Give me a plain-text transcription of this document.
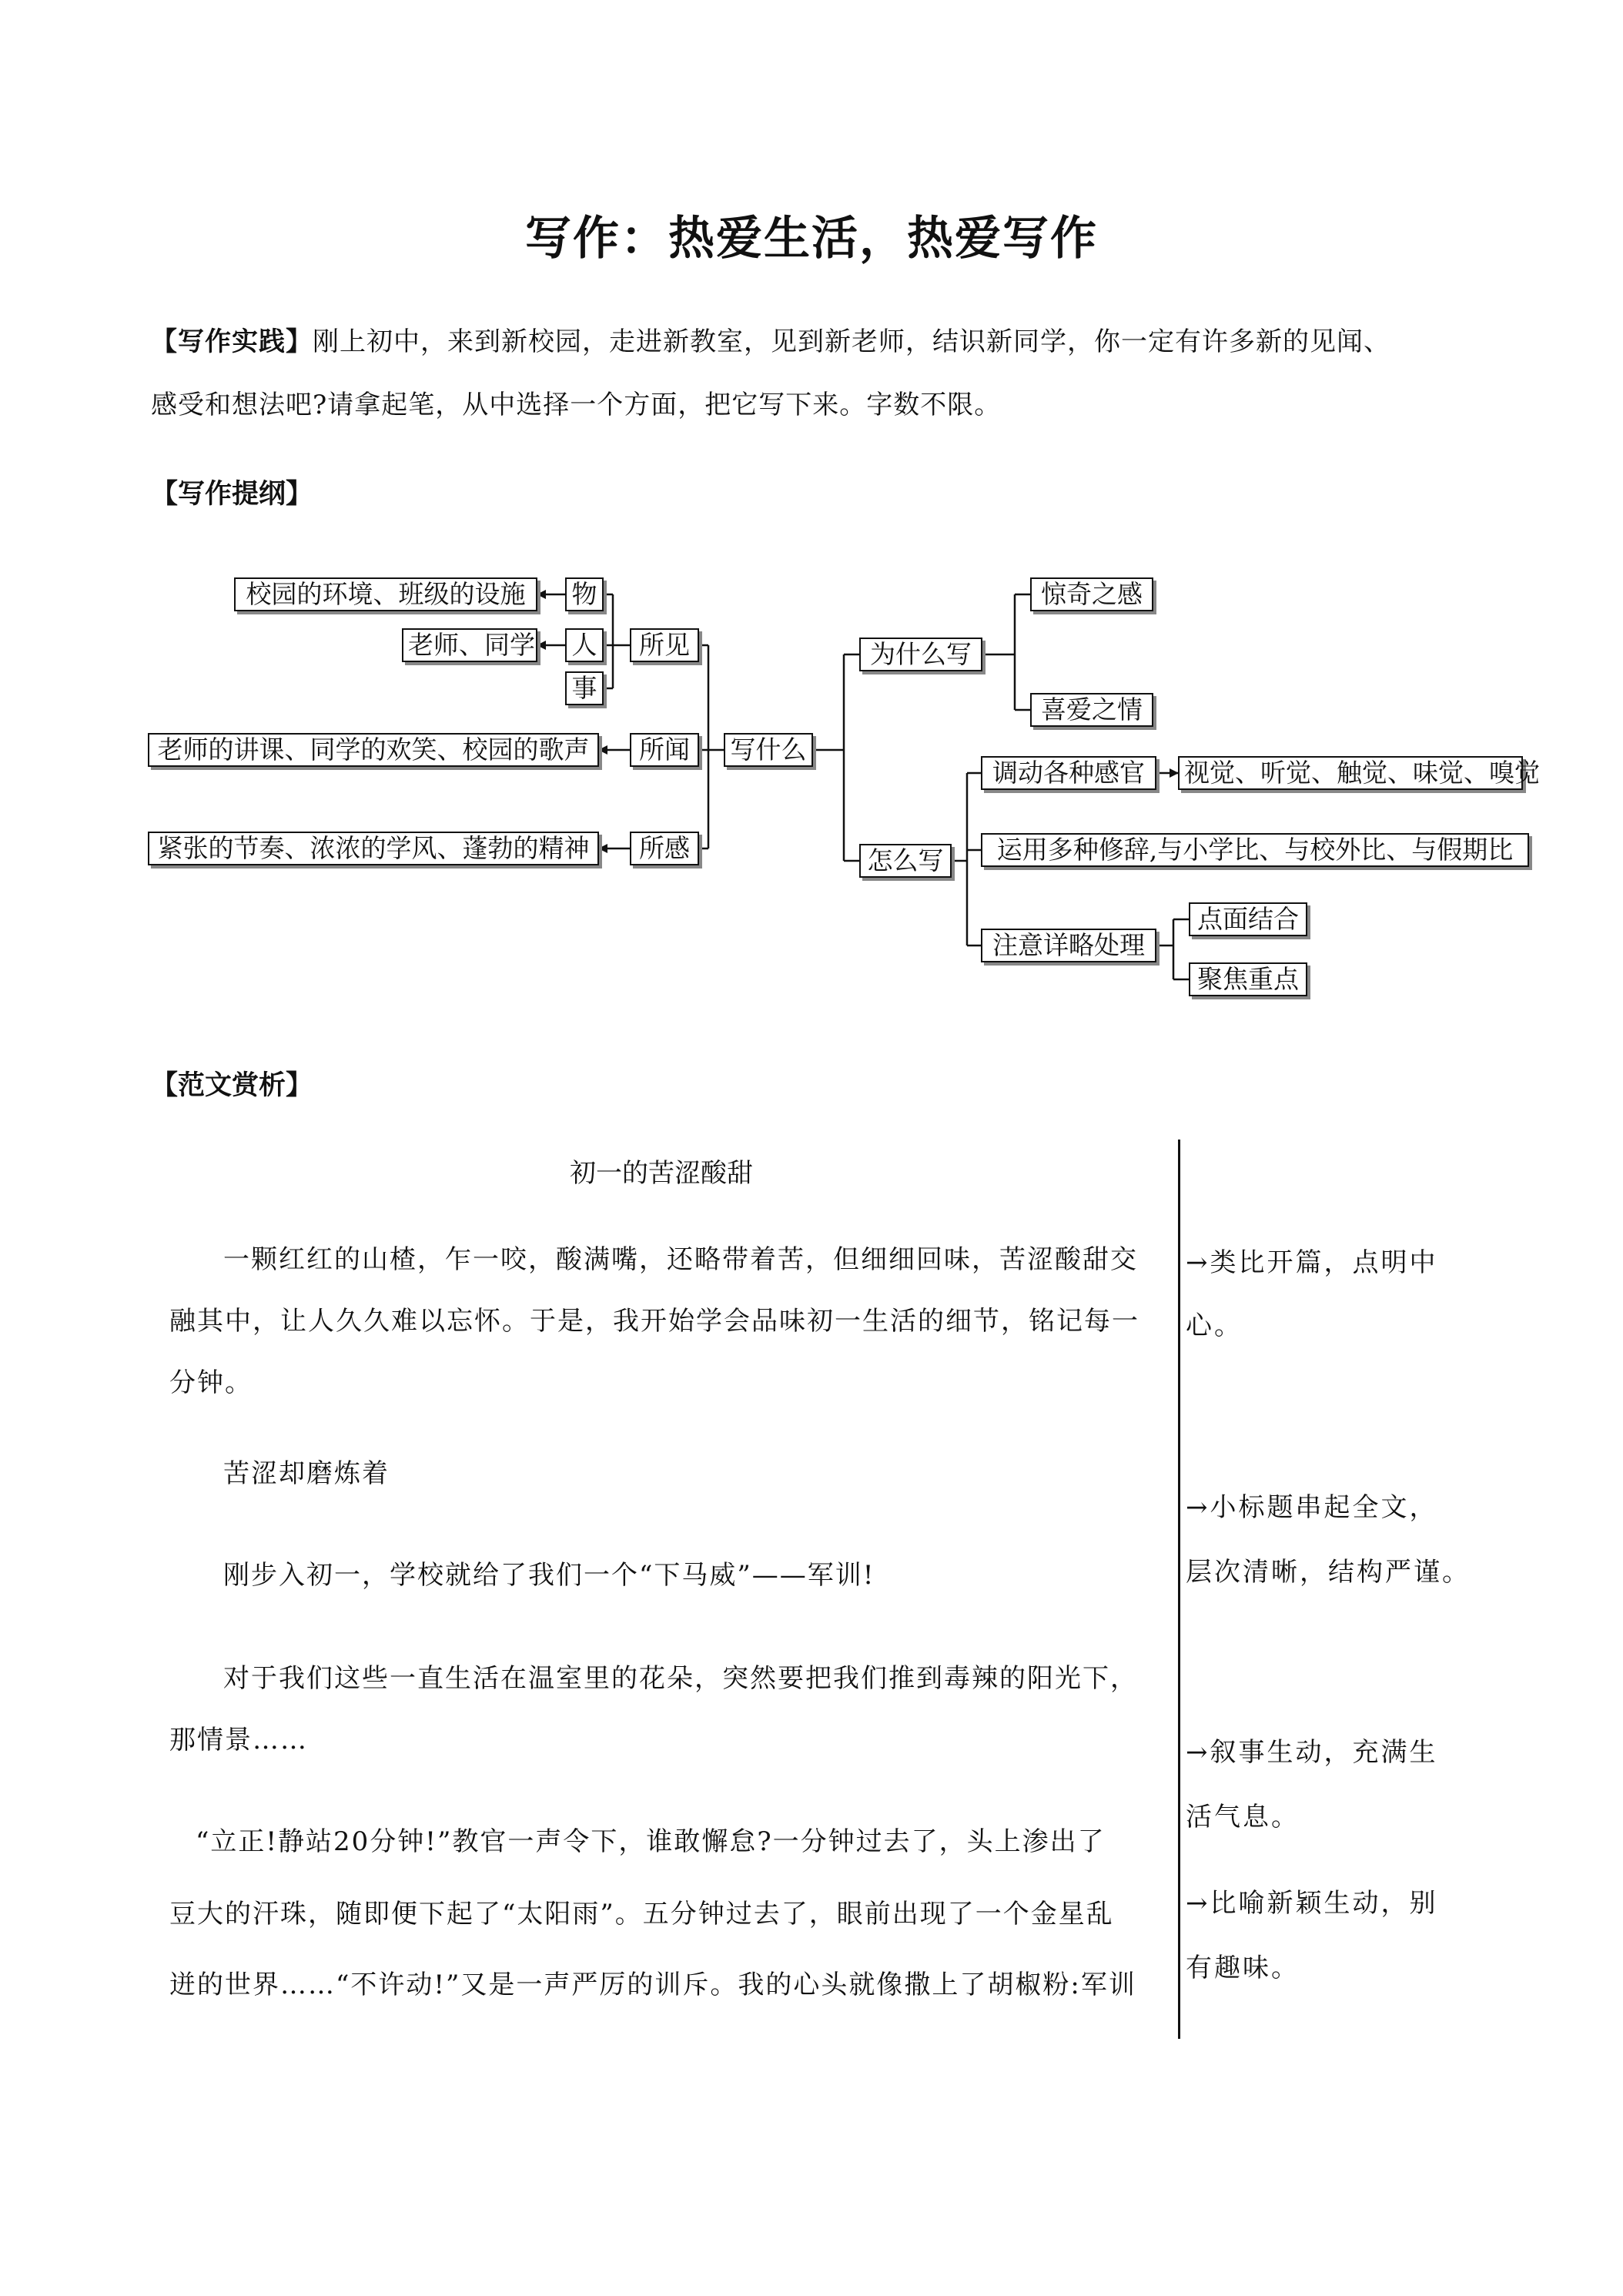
写作：热爱生活，热爱写作
【写作实践】刚上初中，来到新校园，走进新教室，见到新老师，结识新同学，你一定有许多新的见闻、
感受和想法吧?请拿起笔，从中选择一个方面，把它写下来。字数不限。
【写作提纲】
校园的环境、班级的设施	物
老师、同学 人
事
所见
老师的讲课、同学的欢笑、校园的歌声	所闻	写什么
紧张的节奏、浓浓的学风、蓬勃的精神	所感
为什么写
惊奇之感
喜爱之情
怎么写
调动各种感官	视觉、听觉、触觉、味觉、嗅觉
运用多种修辞,与小学比、与校外比、与假期比
注意详略处理
点面结合
聚焦重点
【范文赏析】
初一的苦涩酸甜
一颗红红的山楂，乍一咬，酸满嘴，还略带着苦，但细细回味，苦涩酸甜交
融其中，让人久久难以忘怀。于是，我开始学会品味初一生活的细节，铭记每一
分钟。
苦涩却磨炼着
刚步入初一，学校就给了我们一个“下马威”——军训!
对于我们这些一直生活在温室里的花朵，突然要把我们推到毒辣的阳光下，
那情景……
“立正!静站20分钟!”教官一声令下，谁敢懈怠?一分钟过去了，头上渗出了
豆大的汗珠，随即便下起了“太阳雨”。五分钟过去了，眼前出现了一个金星乱
迸的世界……“不许动!”又是一声严厉的训斥。我的心头就像撒上了胡椒粉:军训
→类比开篇，点明中
心。
→小标题串起全文，
层次清晰，结构严谨。
→叙事生动，充满生
活气息。
→比喻新颖生动，别
有趣味。
